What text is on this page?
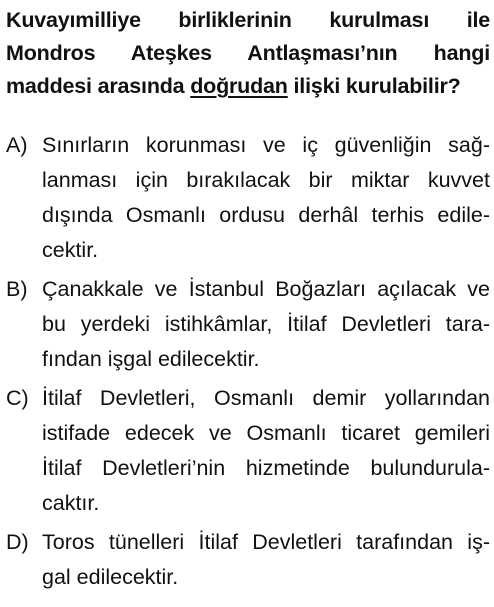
Kuvayımilliye birliklerinin kurulması ile
Mondros Ateşkes Antlaşması’nın hangi
maddesi arasında doğrudan ilişki kurulabilir?
A) Sınırların korunması ve iç güvenliğin sağ-
lanması için bırakılacak bir miktar kuvvet
dışında Osmanlı ordusu derhâl terhis edile-
cektir.
B) Çanakkale ve İstanbul Boğazları açılacak ve
bu yerdeki istihkâmlar, İtilaf Devletleri tara-
fından işgal edilecektir.
C) İtilaf Devletleri, Osmanlı demir yollarından
istifade edecek ve Osmanlı ticaret gemileri
İtilaf Devletleri’nin hizmetinde bulundurula-
caktır.
D) Toros tünelleri İtilaf Devletleri tarafından iş-
gal edilecektir.
